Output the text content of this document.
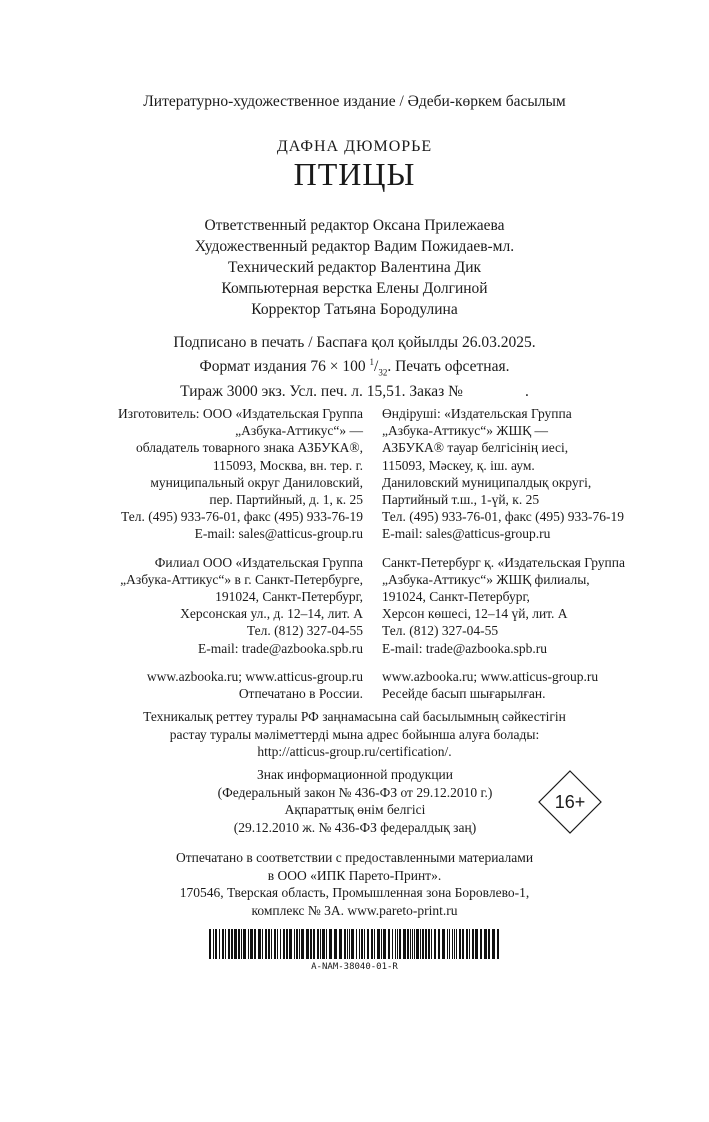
Литературно-художественное издание / Әдеби-көркем басылым
ДАФНА ДЮМОРЬЕ
ПТИЦЫ
Ответственный редактор Оксана Прилежаева
Художественный редактор Вадим Пожидаев-мл.
Технический редактор Валентина Дик
Компьютерная верстка Елены Долгиной
Корректор Татьяна Бородулина
Подписано в печать / Баспаға қол қойылды 26.03.2025.
Формат издания 76 × 100 $^1/_{32}$. Печать офсетная.
Тираж 3000 экз. Усл. печ. л. 15,51. Заказ №	.
Изготовитель: ООО «Издательская Группа
„Азбука-Аттикус“» —
обладатель товарного знака АЗБУКА®,
115093, Москва, вн. тер. г.
муниципальный округ Даниловский,
пер. Партийный, д. 1, к. 25
Тел. (495) 933-76-01, факс (495) 933-76-19
E-mail: sales@atticus-group.ru
Филиал ООО «Издательская Группа
„Азбука-Аттикус“» в г. Санкт-Петербурге,
191024, Санкт-Петербург,
Херсонская ул., д. 12–14, лит. А
Тел. (812) 327-04-55
E-mail: trade@azbooka.spb.ru
www.azbooka.ru; www.atticus-group.ru
Отпечатано в России.
Өндіруші: «Издательская Группа
„Азбука-Аттикус“» ЖШҚ —
АЗБУКА® тауар белгісінің иесі,
115093, Мәскеу, қ. іш. аум.
Даниловский муниципалдық округі,
Партийный т.ш., 1-үй, к. 25
Тел. (495) 933-76-01, факс (495) 933-76-19
E-mail: sales@atticus-group.ru
Санкт-Петербург қ. «Издательская Группа
„Азбука-Аттикус“» ЖШҚ филиалы,
191024, Санкт-Петербург,
Херсон көшесі, 12–14 үй, лит. А
Тел. (812) 327-04-55
E-mail: trade@azbooka.spb.ru
www.azbooka.ru; www.atticus-group.ru
Ресейде басып шығарылған.
Техникалық реттеу туралы РФ заңнамасына сай басылымның сәйкестігін
растау туралы мәліметтерді мына адрес бойынша алуға болады:
http://atticus-group.ru/certification/.
Знак информационной продукции
(Федеральный закон № 436-ФЗ от 29.12.2010 г.)
Ақпараттық өнім белгісі
(29.12.2010 ж. № 436-ФЗ федералдық заң)
16+
Отпечатано в соответствии с предоставленными материалами
в ООО «ИПК Парето-Принт».
170546, Тверская область, Промышленная зона Боровлево-1,
комплекс № 3А. www.pareto-print.ru
A-NAM-38040-01-R
